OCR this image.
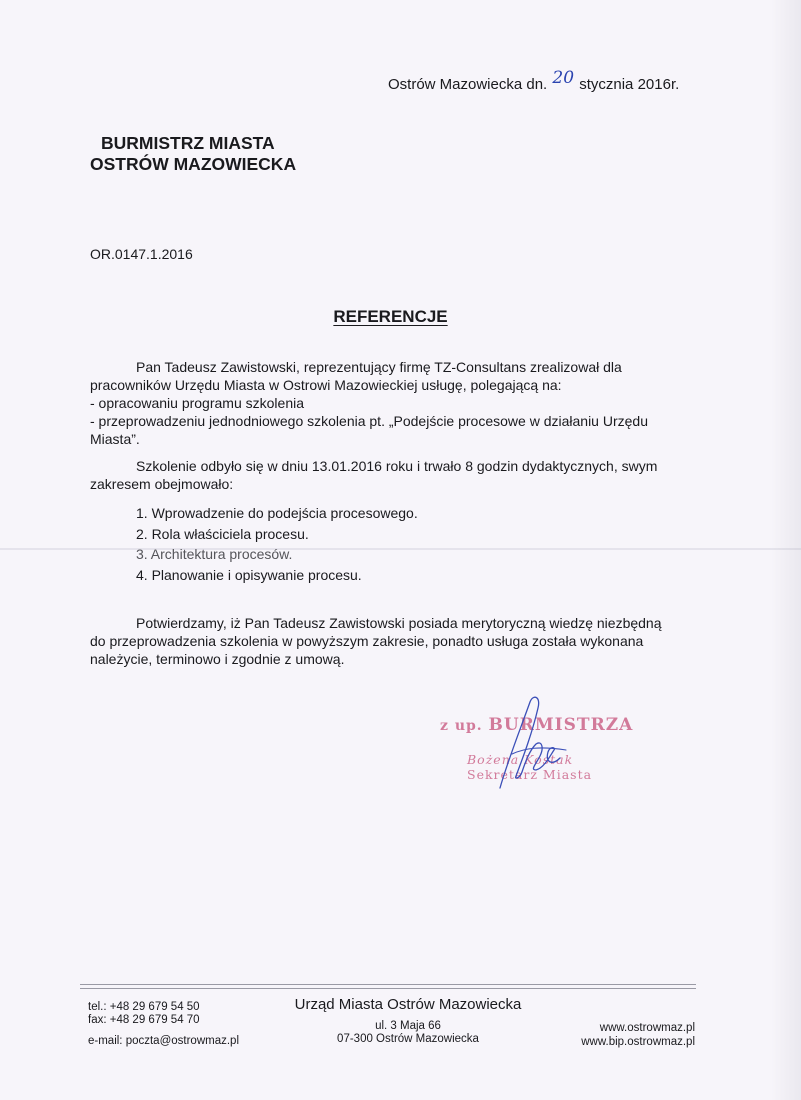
Ostrów Mazowiecka dn. 20 stycznia 2016r.
BURMISTRZ MIASTA
OSTRÓW MAZOWIECKA
OR.0147.1.2016
REFERENCJE
Pan Tadeusz Zawistowski, reprezentujący firmę TZ-Consultans zrealizował dla
pracowników Urzędu Miasta w Ostrowi Mazowieckiej usługę, polegającą na:
- opracowaniu programu szkolenia
- przeprowadzeniu jednodniowego szkolenia pt. „Podejście procesowe w działaniu Urzędu
Miasta”.
Szkolenie odbyło się w dniu 13.01.2016 roku i trwało 8 godzin dydaktycznych, swym
zakresem obejmowało:
1. Wprowadzenie do podejścia procesowego.
2. Rola właściciela procesu.
3. Architektura procesów.
4. Planowanie i opisywanie procesu.
Potwierdzamy, iż Pan Tadeusz Zawistowski posiada merytoryczną wiedzę niezbędną
do przeprowadzenia szkolenia w powyższym zakresie, ponadto usługa została wykonana
należycie, terminowo i zgodnie z umową.
z up. BURMISTRZA
Bożena Kostak
Sekretarz Miasta
tel.: +48 29 679 54 50
fax: +48 29 679 54 70
e-mail: poczta@ostrowmaz.pl
Urząd Miasta Ostrów Mazowiecka
ul. 3 Maja 66
07-300 Ostrów Mazowiecka
www.ostrowmaz.pl
www.bip.ostrowmaz.pl
